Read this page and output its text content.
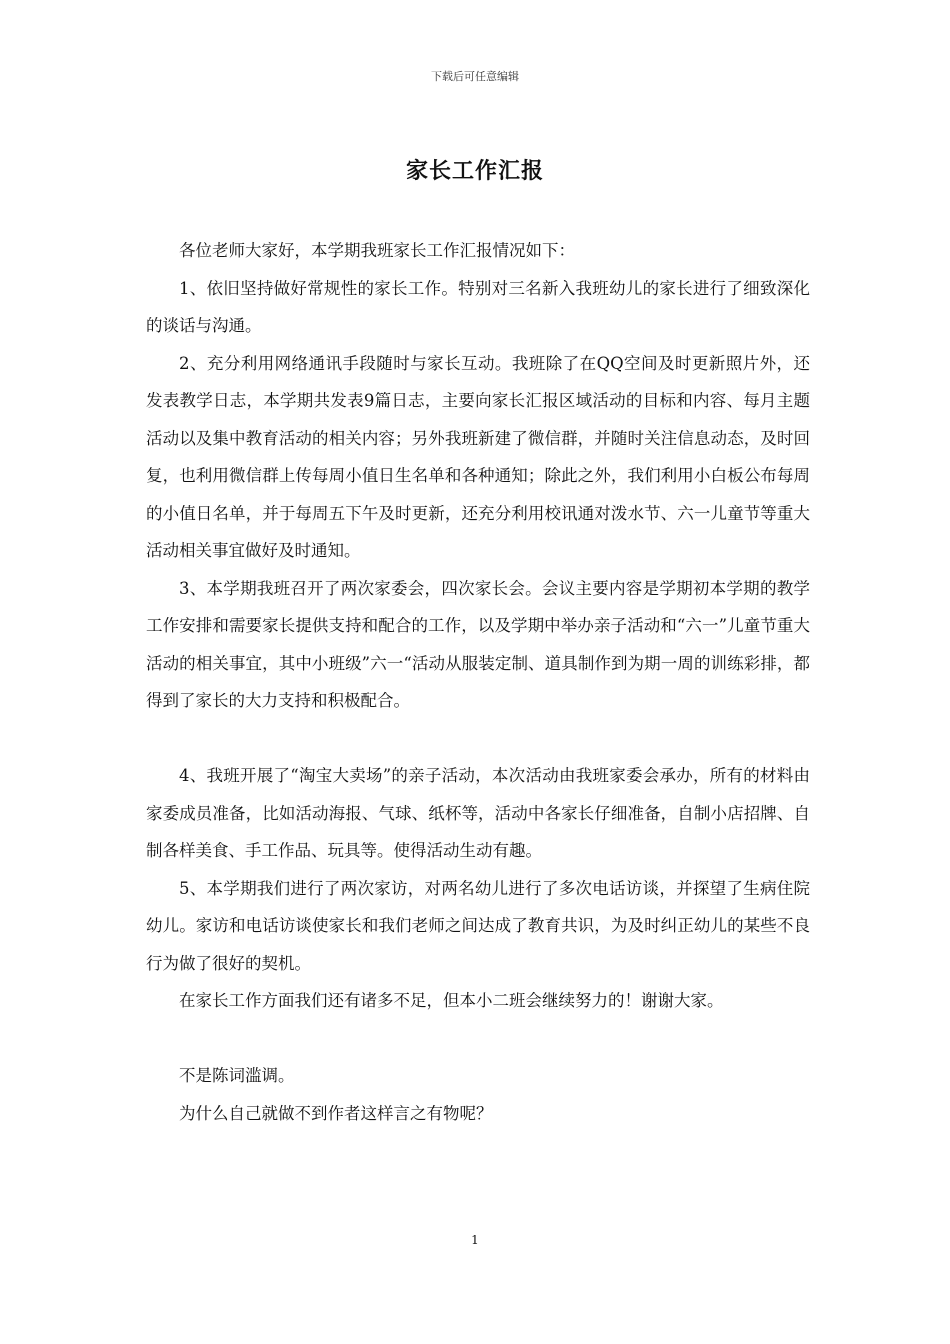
下载后可任意编辑
家长工作汇报

各位老师大家好，本学期我班家长工作汇报情况如下：

1、依旧坚持做好常规性的家长工作。特别对三名新入我班幼儿的家长进行了细致深化的谈话与沟通。

2、充分利用网络通讯手段随时与家长互动。我班除了在QQ空间及时更新照片外，还发表教学日志，本学期共发表9篇日志，主要向家长汇报区域活动的目标和内容、每月主题活动以及集中教育活动的相关内容；另外我班新建了微信群，并随时关注信息动态，及时回复，也利用微信群上传每周小值日生名单和各种通知；除此之外，我们利用小白板公布每周的小值日名单，并于每周五下午及时更新，还充分利用校讯通对泼水节、六一儿童节等重大活动相关事宜做好及时通知。

3、本学期我班召开了两次家委会，四次家长会。会议主要内容是学期初本学期的教学工作安排和需要家长提供支持和配合的工作，以及学期中举办亲子活动和“六一”儿童节重大活动的相关事宜，其中小班级”六一“活动从服装定制、道具制作到为期一周的训练彩排，都得到了家长的大力支持和积极配合。

4、我班开展了“淘宝大卖场”的亲子活动，本次活动由我班家委会承办，所有的材料由家委成员准备，比如活动海报、气球、纸杯等，活动中各家长仔细准备，自制小店招牌、自制各样美食、手工作品、玩具等。使得活动生动有趣。

5、本学期我们进行了两次家访，对两名幼儿进行了多次电话访谈，并探望了生病住院幼儿。家访和电话访谈使家长和我们老师之间达成了教育共识，为及时纠正幼儿的某些不良行为做了很好的契机。

在家长工作方面我们还有诸多不足，但本小二班会继续努力的！谢谢大家。

不是陈词滥调。

为什么自己就做不到作者这样言之有物呢？

1
